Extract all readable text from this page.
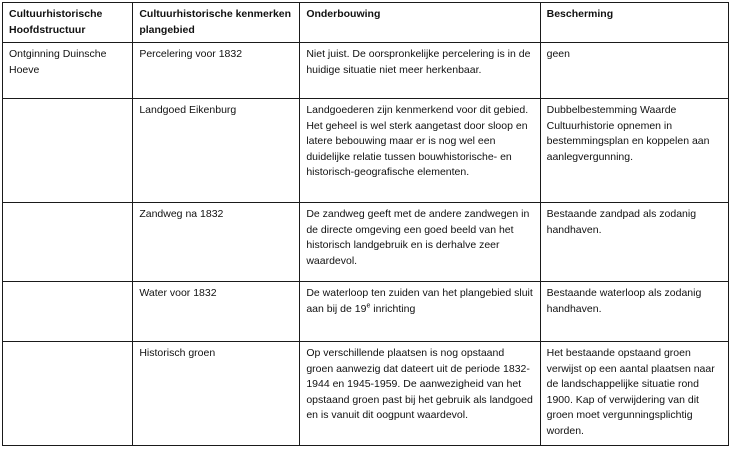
Cultuurhistorische Hoofdstructuur	Cultuurhistorische kenmerken plangebied	Onderbouwing	Bescherming
Ontginning Duinsche Hoeve	Percelering voor 1832	Niet juist. De oorspronkelijke percelering is in de huidige situatie niet meer herkenbaar.	geen
	Landgoed Eikenburg	Landgoederen zijn kenmerkend voor dit gebied. Het geheel is wel sterk aangetast door sloop en latere bebouwing maar er is nog wel een duidelijke relatie tussen bouwhistorische- en historisch-geografische elementen.	Dubbelbestemming Waarde Cultuurhistorie opnemen in bestemmingsplan en koppelen aan aanlegvergunning.
	Zandweg na 1832	De zandweg geeft met de andere zandwegen in de directe omgeving een goed beeld van het historisch landgebruik en is derhalve zeer waardevol.	Bestaande zandpad als zodanig handhaven.
	Water voor 1832	De waterloop ten zuiden van het plangebied sluit aan bij de 19e inrichting	Bestaande waterloop als zodanig handhaven.
	Historisch groen	Op verschillende plaatsen is nog opstaand groen aanwezig dat dateert uit de periode 1832-1944 en 1945-1959. De aanwezigheid van het opstaand groen past bij het gebruik als landgoed en is vanuit dit oogpunt waardevol.	Het bestaande opstaand groen verwijst op een aantal plaatsen naar de landschappelijke situatie rond 1900. Kap of verwijdering van dit groen moet vergunningsplichtig worden.
